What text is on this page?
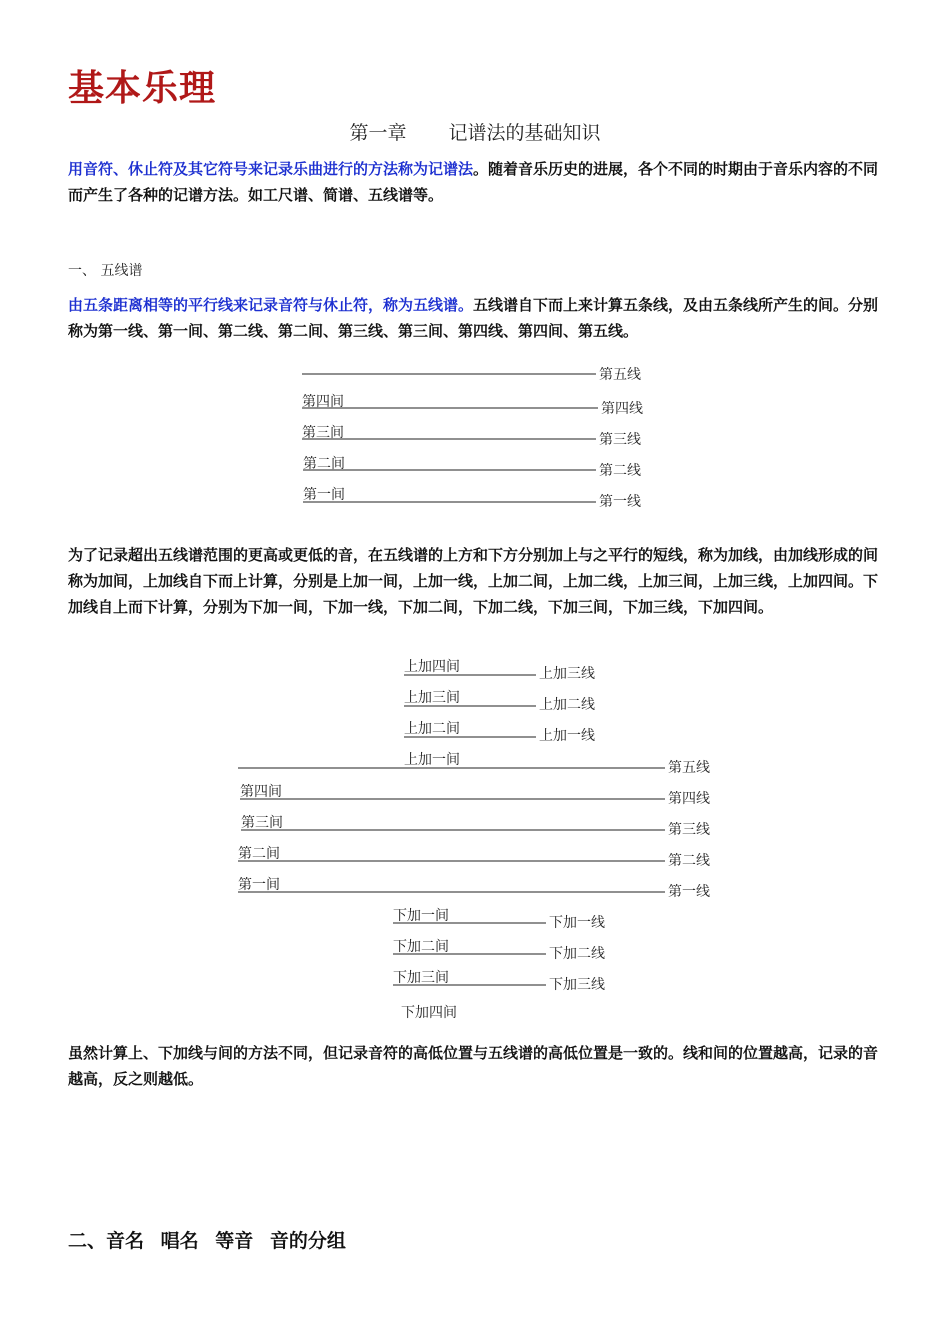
基本乐理
第一章 记谱法的基础知识
用音符、休止符及其它符号来记录乐曲进行的方法称为记谱法。随着音乐历史的进展，各个不同的时期由于音乐内容的不同而产生了各种的记谱方法。如工尺谱、简谱、五线谱等。
一、 五线谱
由五条距离相等的平行线来记录音符与休止符，称为五线谱。五线谱自下而上来计算五条线，及由五条线所产生的间。分别称为第一线、第一间、第二线、第二间、第三线、第三间、第四线、第四间、第五线。
第五线
第四间	第四线
第三间	第三线
第二间	第二线
第一间	第一线
上加四间	上加三线
上加三间	上加二线
上加二间	上加一线
上加一间	第五线
第四间	第四线
第三间	第三线
第二间	第二线
第一间	第一线
下加一间	下加一线
下加二间	下加二线
下加三间	下加三线
下加四间
为了记录超出五线谱范围的更高或更低的音，在五线谱的上方和下方分别加上与之平行的短线，称为加线，由加线形成的间称为加间，上加线自下而上计算，分别是上加一间，上加一线，上加二间，上加二线，上加三间，上加三线，上加四间。下加线自上而下计算，分别为下加一间，下加一线，下加二间，下加二线，下加三间，下加三线，下加四间。
虽然计算上、下加线与间的方法不同，但记录音符的高低位置与五线谱的高低位置是一致的。线和间的位置越高，记录的音越高，反之则越低。
二、音名 唱名 等音 音的分组
